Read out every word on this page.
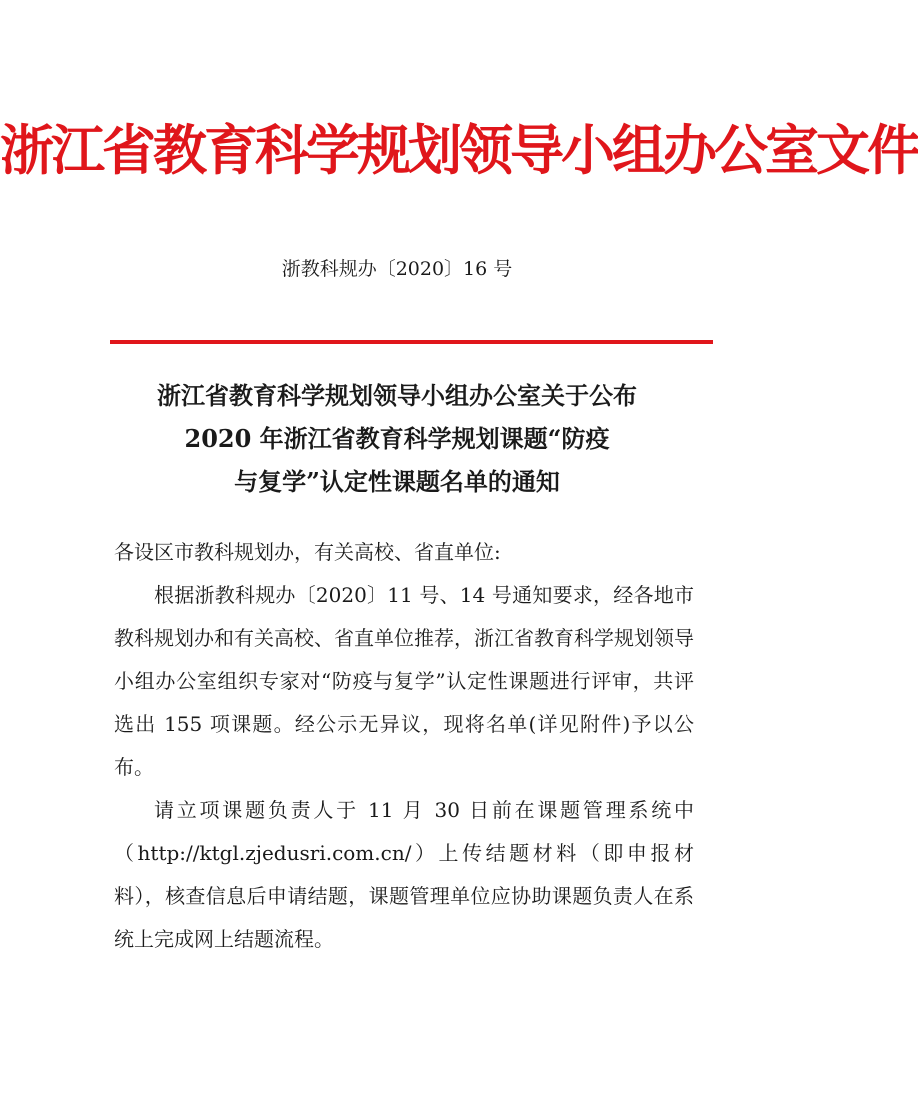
浙江省教育科学规划领导小组办公室文件
浙教科规办〔2020〕16 号
浙江省教育科学规划领导小组办公室关于公布
2020 年浙江省教育科学规划课题“防疫
与复学”认定性课题名单的通知

各设区市教科规划办，有关高校、省直单位:

根据浙教科规办〔2020〕11 号、14 号通知要求，经各地市教科规划办和有关高校、省直单位推荐，浙江省教育科学规划领导小组办公室组织专家对“防疫与复学”认定性课题进行评审，共评选出 155 项课题。经公示无异议，现将名单(详见附件)予以公布。

请立项课题负责人于 11 月 30 日前在课题管理系统中（http://ktgl.zjedusri.com.cn/）上传结题材料（即申报材料），核查信息后申请结题，课题管理单位应协助课题负责人在系统上完成网上结题流程。
